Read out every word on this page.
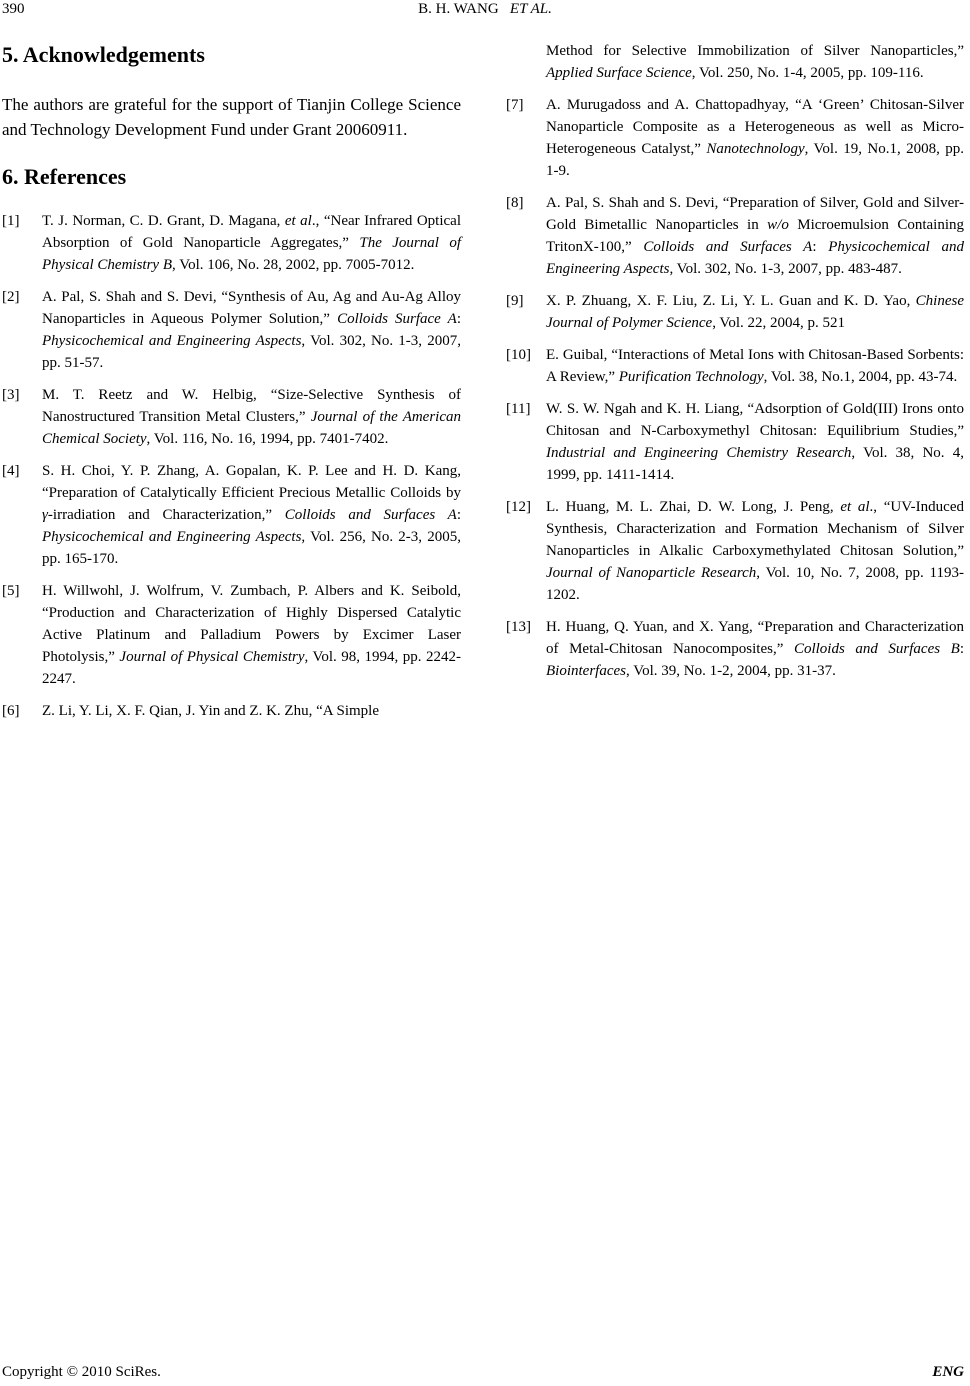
390	B. H. WANG ET AL.
5. Acknowledgements

The authors are grateful for the support of Tianjin College Science and Technology Development Fund under Grant 20060911.

6. References
[1] T. J. Norman, C. D. Grant, D. Magana, et al., “Near Infrared Optical Absorption of Gold Nanoparticle Aggregates,” The Journal of Physical Chemistry B, Vol. 106, No. 28, 2002, pp. 7005-7012.
[2] A. Pal, S. Shah and S. Devi, “Synthesis of Au, Ag and Au-Ag Alloy Nanoparticles in Aqueous Polymer Solution,” Colloids Surface A: Physicochemical and Engineering Aspects, Vol. 302, No. 1-3, 2007, pp. 51-57.
[3] M. T. Reetz and W. Helbig, “Size-Selective Synthesis of Nanostructured Transition Metal Clusters,” Journal of the American Chemical Society, Vol. 116, No. 16, 1994, pp. 7401-7402.
[4] S. H. Choi, Y. P. Zhang, A. Gopalan, K. P. Lee and H. D. Kang, “Preparation of Catalytically Efficient Precious Metallic Colloids by γ-irradiation and Characterization,” Colloids and Surfaces A: Physicochemical and Engineering Aspects, Vol. 256, No. 2-3, 2005, pp. 165-170.
[5] H. Willwohl, J. Wolfrum, V. Zumbach, P. Albers and K. Seibold, “Production and Characterization of Highly Dispersed Catalytic Active Platinum and Palladium Powers by Excimer Laser Photolysis,” Journal of Physical Chemistry, Vol. 98, 1994, pp. 2242-2247.
[6] Z. Li, Y. Li, X. F. Qian, J. Yin and Z. K. Zhu, “A Simple
Method for Selective Immobilization of Silver Nanoparticles,” Applied Surface Science, Vol. 250, No. 1-4, 2005, pp. 109-116.
[7] A. Murugadoss and A. Chattopadhyay, “A ‘Green’ Chitosan-Silver Nanoparticle Composite as a Heterogeneous as well as Micro-Heterogeneous Catalyst,” Nanotechnology, Vol. 19, No.1, 2008, pp. 1-9.
[8] A. Pal, S. Shah and S. Devi, “Preparation of Silver, Gold and Silver-Gold Bimetallic Nanoparticles in w/o Microemulsion Containing TritonX-100,” Colloids and Surfaces A: Physicochemical and Engineering Aspects, Vol. 302, No. 1-3, 2007, pp. 483-487.
[9] X. P. Zhuang, X. F. Liu, Z. Li, Y. L. Guan and K. D. Yao, Chinese Journal of Polymer Science, Vol. 22, 2004, p. 521
[10] E. Guibal, “Interactions of Metal Ions with Chitosan-Based Sorbents: A Review,” Purification Technology, Vol. 38, No.1, 2004, pp. 43-74.
[11] W. S. W. Ngah and K. H. Liang, “Adsorption of Gold(III) Irons onto Chitosan and N-Carboxymethyl Chitosan: Equilibrium Studies,” Industrial and Engineering Chemistry Research, Vol. 38, No. 4, 1999, pp. 1411-1414.
[12] L. Huang, M. L. Zhai, D. W. Long, J. Peng, et al., “UV-Induced Synthesis, Characterization and Formation Mechanism of Silver Nanoparticles in Alkalic Carboxymethylated Chitosan Solution,” Journal of Nanoparticle Research, Vol. 10, No. 7, 2008, pp. 1193-1202.
[13] H. Huang, Q. Yuan, and X. Yang, “Preparation and Characterization of Metal-Chitosan Nanocomposites,” Colloids and Surfaces B: Biointerfaces, Vol. 39, No. 1-2, 2004, pp. 31-37.
Copyright © 2010 SciRes.	ENG
